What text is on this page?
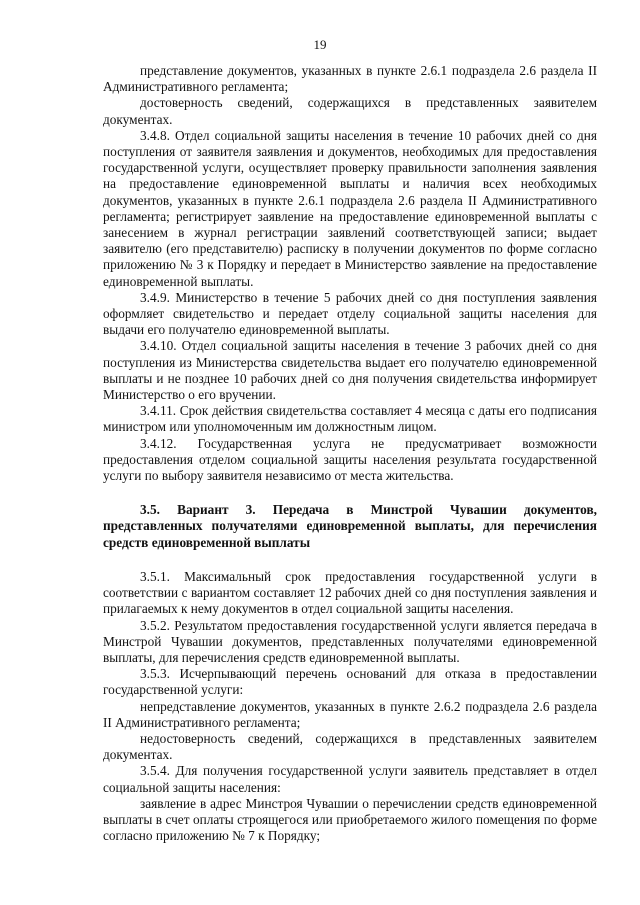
19

представление документов, указанных в пункте 2.6.1 подраздела 2.6 раздела II Административного регламента;

достоверность сведений, содержащихся в представленных заявителем документах.

3.4.8. Отдел социальной защиты населения в течение 10 рабочих дней со дня поступления от заявителя заявления и документов, необходимых для предоставления государственной услуги, осуществляет проверку правильности заполнения заявления на предоставление единовременной выплаты и наличия всех необходимых документов, указанных в пункте 2.6.1 подраздела 2.6 раздела II Административного регламента; регистрирует заявление на предоставление единовременной выплаты с занесением в журнал регистрации заявлений соответствующей записи; выдает заявителю (его представителю) расписку в получении документов по форме согласно приложению № 3 к Порядку и передает в Министерство заявление на предоставление единовременной выплаты.

3.4.9. Министерство в течение 5 рабочих дней со дня поступления заявления оформляет свидетельство и передает отделу социальной защиты населения для выдачи его получателю единовременной выплаты.

3.4.10. Отдел социальной защиты населения в течение 3 рабочих дней со дня поступления из Министерства свидетельства выдает его получателю единовременной выплаты и не позднее 10 рабочих дней со дня получения свидетельства информирует Министерство о его вручении.

3.4.11. Срок действия свидетельства составляет 4 месяца с даты его подписания министром или уполномоченным им должностным лицом.

3.4.12. Государственная услуга не предусматривает возможности предоставления отделом социальной защиты населения результата государственной услуги по выбору заявителя независимо от места жительства.

3.5. Вариант 3. Передача в Минстрой Чувашии документов, представленных получателями единовременной выплаты, для перечисления средств единовременной выплаты

3.5.1. Максимальный срок предоставления государственной услуги в соответствии с вариантом составляет 12 рабочих дней со дня поступления заявления и прилагаемых к нему документов в отдел социальной защиты населения.

3.5.2. Результатом предоставления государственной услуги является передача в Минстрой Чувашии документов, представленных получателями единовременной выплаты, для перечисления средств единовременной выплаты.

3.5.3. Исчерпывающий перечень оснований для отказа в предоставлении государственной услуги:

непредставление документов, указанных в пункте 2.6.2 подраздела 2.6 раздела II Административного регламента;

недостоверность сведений, содержащихся в представленных заявителем документах.

3.5.4. Для получения государственной услуги заявитель представляет в отдел социальной защиты населения:

заявление в адрес Минстроя Чувашии о перечислении средств единовременной выплаты в счет оплаты строящегося или приобретаемого жилого помещения по форме согласно приложению № 7 к Порядку;
